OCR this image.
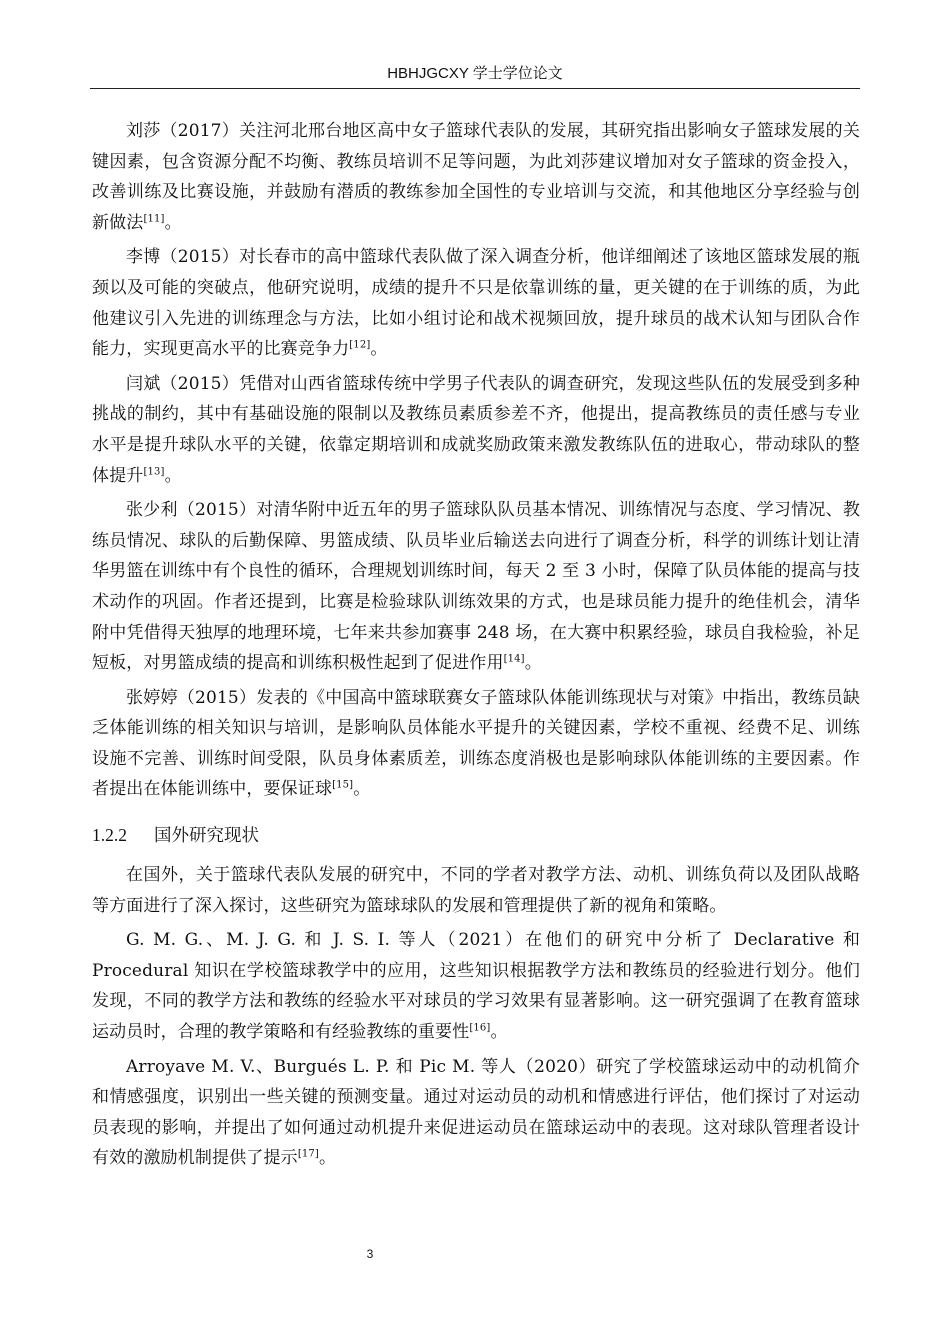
HBHJGCXY 学士学位论文

刘莎（2017）关注河北邢台地区高中女子篮球代表队的发展，其研究指出影响女子篮球发展的关键因素，包含资源分配不均衡、教练员培训不足等问题，为此刘莎建议增加对女子篮球的资金投入，改善训练及比赛设施，并鼓励有潜质的教练参加全国性的专业培训与交流，和其他地区分享经验与创新做法[11]。

李博（2015）对长春市的高中篮球代表队做了深入调查分析，他详细阐述了该地区篮球发展的瓶颈以及可能的突破点，他研究说明，成绩的提升不只是依靠训练的量，更关键的在于训练的质，为此他建议引入先进的训练理念与方法，比如小组讨论和战术视频回放，提升球员的战术认知与团队合作能力，实现更高水平的比赛竞争力[12]。

闫斌（2015）凭借对山西省篮球传统中学男子代表队的调查研究，发现这些队伍的发展受到多种挑战的制约，其中有基础设施的限制以及教练员素质参差不齐，他提出，提高教练员的责任感与专业水平是提升球队水平的关键，依靠定期培训和成就奖励政策来激发教练队伍的进取心，带动球队的整体提升[13]。

张少利（2015）对清华附中近五年的男子篮球队队员基本情况、训练情况与态度、学习情况、教练员情况、球队的后勤保障、男篮成绩、队员毕业后输送去向进行了调查分析，科学的训练计划让清华男篮在训练中有个良性的循环，合理规划训练时间，每天 2 至 3 小时，保障了队员体能的提高与技术动作的巩固。作者还提到，比赛是检验球队训练效果的方式，也是球员能力提升的绝佳机会，清华附中凭借得天独厚的地理环境，七年来共参加赛事 248 场，在大赛中积累经验，球员自我检验，补足短板，对男篮成绩的提高和训练积极性起到了促进作用[14]。

张婷婷（2015）发表的《中国高中篮球联赛女子篮球队体能训练现状与对策》中指出，教练员缺乏体能训练的相关知识与培训，是影响队员体能水平提升的关键因素，学校不重视、经费不足、训练设施不完善、训练时间受限，队员身体素质差，训练态度消极也是影响球队体能训练的主要因素。作者提出在体能训练中，要保证球[15]。

1.2.2 国外研究现状

在国外，关于篮球代表队发展的研究中，不同的学者对教学方法、动机、训练负荷以及团队战略等方面进行了深入探讨，这些研究为篮球球队的发展和管理提供了新的视角和策略。

G. M. G.、M. J. G. 和 J. S. I. 等人（2021）在他们的研究中分析了 Declarative 和 Procedural 知识在学校篮球教学中的应用，这些知识根据教学方法和教练员的经验进行划分。他们发现，不同的教学方法和教练的经验水平对球员的学习效果有显著影响。这一研究强调了在教育篮球运动员时，合理的教学策略和有经验教练的重要性[16]。

Arroyave M. V.、Burgués L. P. 和 Pic M. 等人（2020）研究了学校篮球运动中的动机简介和情感强度，识别出一些关键的预测变量。通过对运动员的动机和情感进行评估，他们探讨了对运动员表现的影响，并提出了如何通过动机提升来促进运动员在篮球运动中的表现。这对球队管理者设计有效的激励机制提供了提示[17]。

3
